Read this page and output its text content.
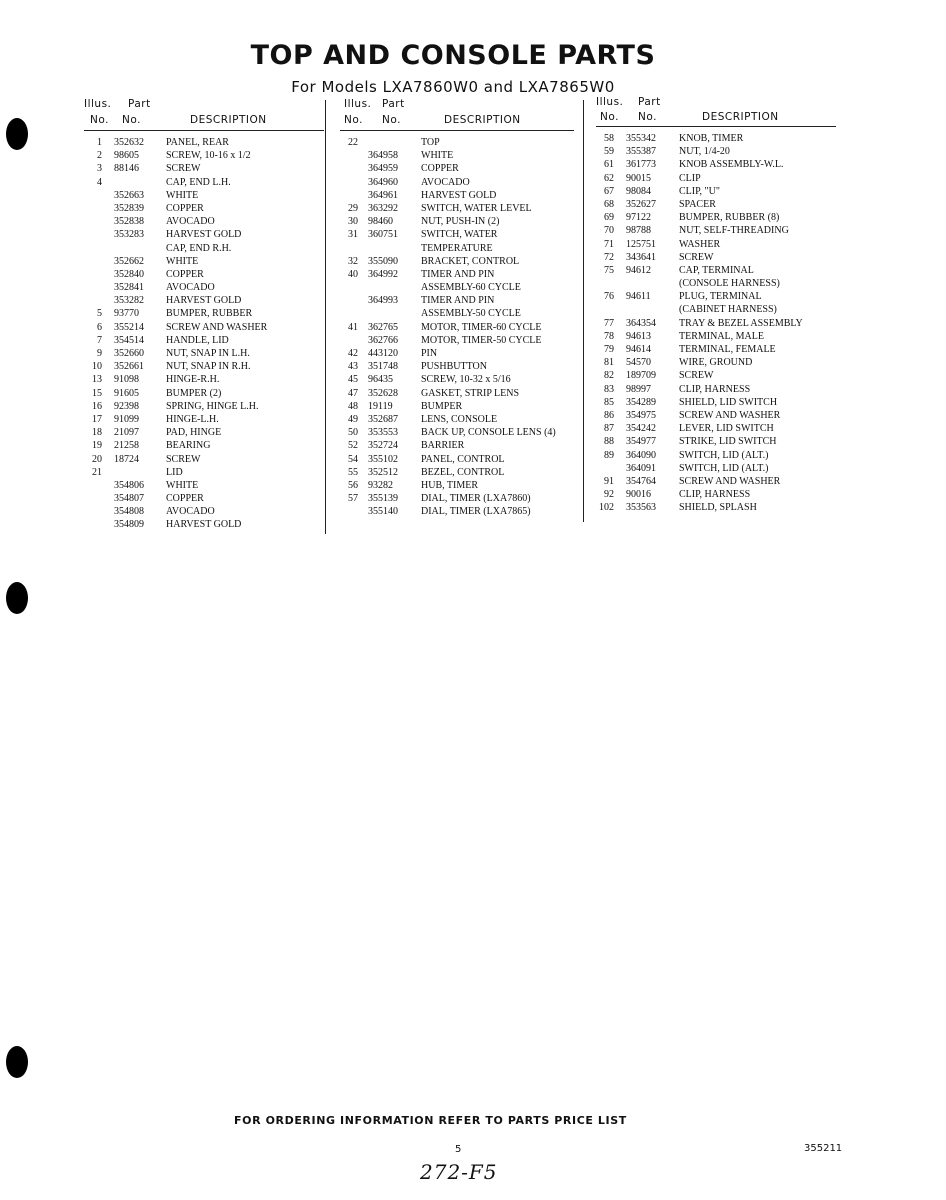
TOP AND CONSOLE PARTS
For Models LXA7860W0 and LXA7865W0
Illus. Part
No. No.	DESCRIPTION
1 352632 PANEL, REAR
2 98605	SCREW, 10-16 x 1/2
3 88146	SCREW
4	CAP, END L.H.
352663 WHITE
352839 COPPER
352838 AVOCADO
353283 HARVEST GOLD
CAP, END R.H.
352662 WHITE
352840 COPPER
352841 AVOCADO
353282 HARVEST GOLD
5 93770	BUMPER, RUBBER
6 355214 SCREW AND WASHER
7 354514 HANDLE, LID
9 352660 NUT, SNAP IN L.H.
10 352661 NUT, SNAP IN R.H.
13 91098	HINGE-R.H.
15 91605	BUMPER (2)
16 92398	SPRING, HINGE L.H.
17 91099	HINGE-L.H.
18 21097	PAD, HINGE
19 21258	BEARING
20 18724	SCREW
21	LID
354806 WHITE
354807 COPPER
354808 AVOCADO
354809 HARVEST GOLD
Illus. Part
No. No.	DESCRIPTION
22	TOP
364958 WHITE
364959 COPPER
364960 AVOCADO
364961 HARVEST GOLD
29 363292 SWITCH, WATER LEVEL
30 98460	NUT, PUSH-IN (2)
31 360751 SWITCH, WATER
TEMPERATURE
32 355090 BRACKET, CONTROL
40 364992 TIMER AND PIN
ASSEMBLY-60 CYCLE
364993 TIMER AND PIN
ASSEMBLY-50 CYCLE
41 362765 MOTOR, TIMER-60 CYCLE
362766 MOTOR, TIMER-50 CYCLE
42 443120 PIN
43 351748 PUSHBUTTON
45 96435	SCREW, 10-32 x 5/16
47 352628 GASKET, STRIP LENS
48 19119	BUMPER
49 352687 LENS, CONSOLE
50 353553 BACK UP, CONSOLE LENS (4)
52 352724 BARRIER
54 355102 PANEL, CONTROL
55 352512 BEZEL, CONTROL
56 93282	HUB, TIMER
57 355139 DIAL, TIMER (LXA7860)
355140 DIAL, TIMER (LXA7865)
Illus. Part
No. No.	DESCRIPTION
58 355342 KNOB, TIMER
59 355387 NUT, 1/4-20
61 361773 KNOB ASSEMBLY-W.L.
62 90015	CLIP
67 98084	CLIP, "U"
68 352627 SPACER
69 97122	BUMPER, RUBBER (8)
70 98788	NUT, SELF-THREADING
71 125751 WASHER
72 343641 SCREW
75 94612	CAP, TERMINAL
(CONSOLE HARNESS)
76 94611	PLUG, TERMINAL
(CABINET HARNESS)
77 364354 TRAY & BEZEL ASSEMBLY
78 94613	TERMINAL, MALE
79 94614	TERMINAL, FEMALE
81 54570	WIRE, GROUND
82 189709 SCREW
83 98997	CLIP, HARNESS
85 354289 SHIELD, LID SWITCH
86 354975 SCREW AND WASHER
87 354242 LEVER, LID SWITCH
88 354977 STRIKE, LID SWITCH
89 364090 SWITCH, LID (ALT.)
364091 SWITCH, LID (ALT.)
91 354764 SCREW AND WASHER
92 90016	CLIP, HARNESS
102 353563 SHIELD, SPLASH
FOR ORDERING INFORMATION REFER TO PARTS PRICE LIST
5	355211
272-F5
